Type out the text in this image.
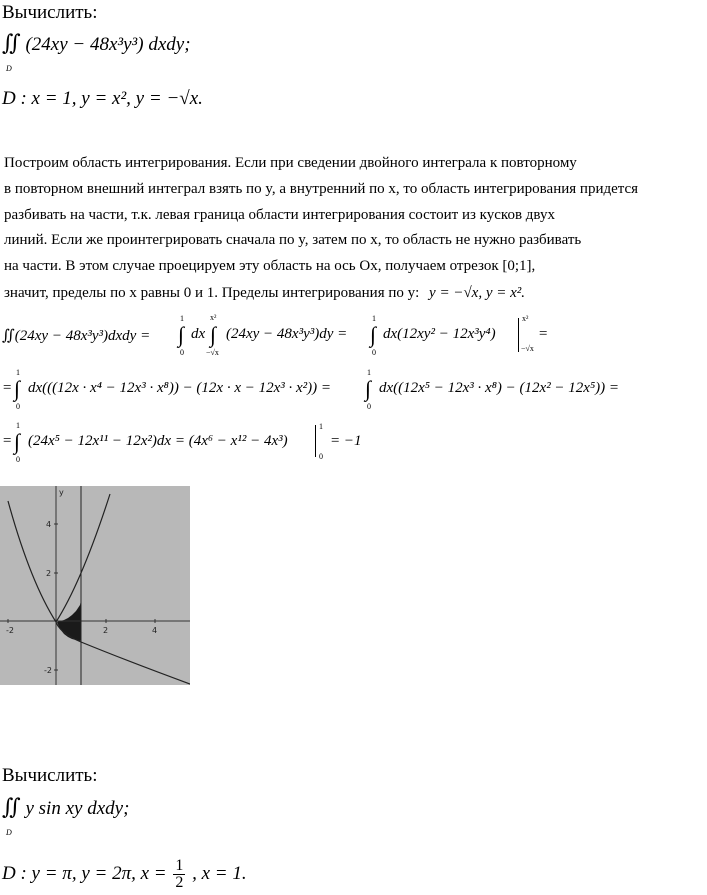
Вычислить:
∬ (24xy − 48x³y³) dxdy;
D
D : x = 1, y = x², y = −√x.
Построим область интегрирования. Если при сведении двойного интеграла к повторному
в повторном внешний интеграл взять по y, а внутренний по x, то область интегрирования придется
разбивать на части, т.к. левая граница области интегрирования состоит из кусков двух
линий. Если же проинтегрировать сначала по y, затем по x, то область не нужно разбивать
на части. В этом случае проецируем эту область на ось Ox, получаем отрезок [0;1],
значит, пределы по x равны 0 и 1. Пределы интегрирования по y: y = −√x, y = x².
∬(24xy − 48x³y³)dxdy =
1
∫
0
dx
x²
∫
−√x
(24xy − 48x³y³)dy =
1
∫
0
dx(12xy² − 12x³y⁴)
x²
−√x
=
=
1
∫
0
dx(((12x · x⁴ − 12x³ · x⁸)) − (12x · x − 12x³ · x²)) =
1
∫
0
dx((12x⁵ − 12x³ · x⁸) − (12x² − 12x⁵)) =
=
1
∫
0
(24x⁵ − 12x¹¹ − 12x²)dx = (4x⁶ − x¹² − 4x³)
1
0
= −1
-2	2	4
4
2
-2
y
Вычислить:
∬ y sin xy dxdy;
D
D : y = π, y = 2π, $x = \frac{1}{2}$ , x = 1.
